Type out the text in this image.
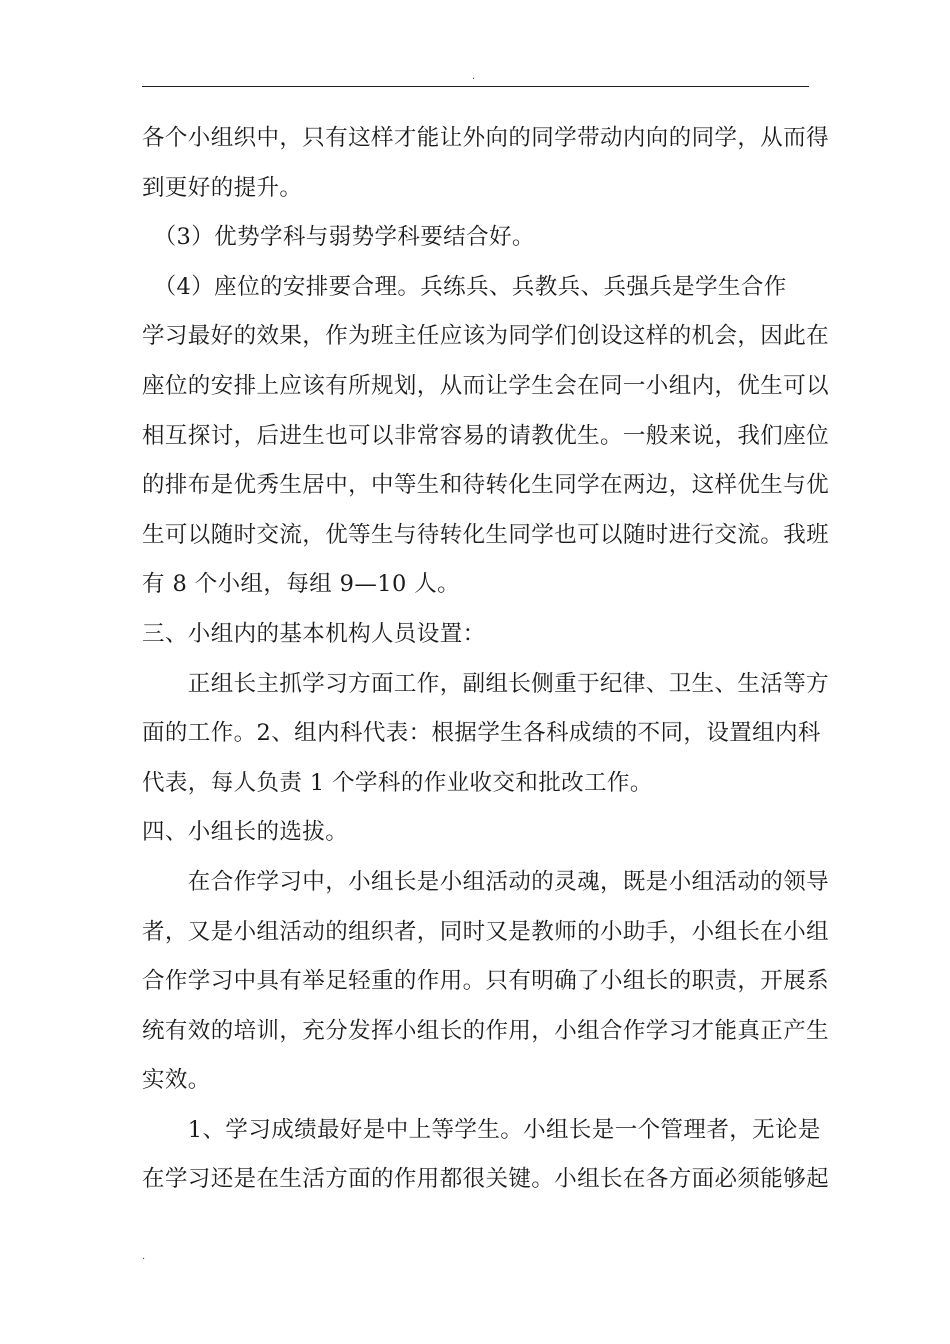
.
各个小组织中，只有这样才能让外向的同学带动内向的同学，从而得
到更好的提升。
　（3）优势学科与弱势学科要结合好。
　（4）座位的安排要合理。兵练兵、兵教兵、兵强兵是学生合作
学习最好的效果，作为班主任应该为同学们创设这样的机会，因此在
座位的安排上应该有所规划，从而让学生会在同一小组内，优生可以
相互探讨，后进生也可以非常容易的请教优生。一般来说，我们座位
的排布是优秀生居中，中等生和待转化生同学在两边，这样优生与优
生可以随时交流，优等生与待转化生同学也可以随时进行交流。我班
有 8 个小组，每组 9—10 人。
三、小组内的基本机构人员设置：
　　正组长主抓学习方面工作，副组长侧重于纪律、卫生、生活等方
面的工作。2、组内科代表：根据学生各科成绩的不同，设置组内科
代表，每人负责 1 个学科的作业收交和批改工作。
四、小组长的选拔。
　　在合作学习中，小组长是小组活动的灵魂，既是小组活动的领导
者，又是小组活动的组织者，同时又是教师的小助手，小组长在小组
合作学习中具有举足轻重的作用。只有明确了小组长的职责，开展系
统有效的培训，充分发挥小组长的作用，小组合作学习才能真正产生
实效。
　　1、学习成绩最好是中上等学生。小组长是一个管理者，无论是
在学习还是在生活方面的作用都很关键。小组长在各方面必须能够起
.
